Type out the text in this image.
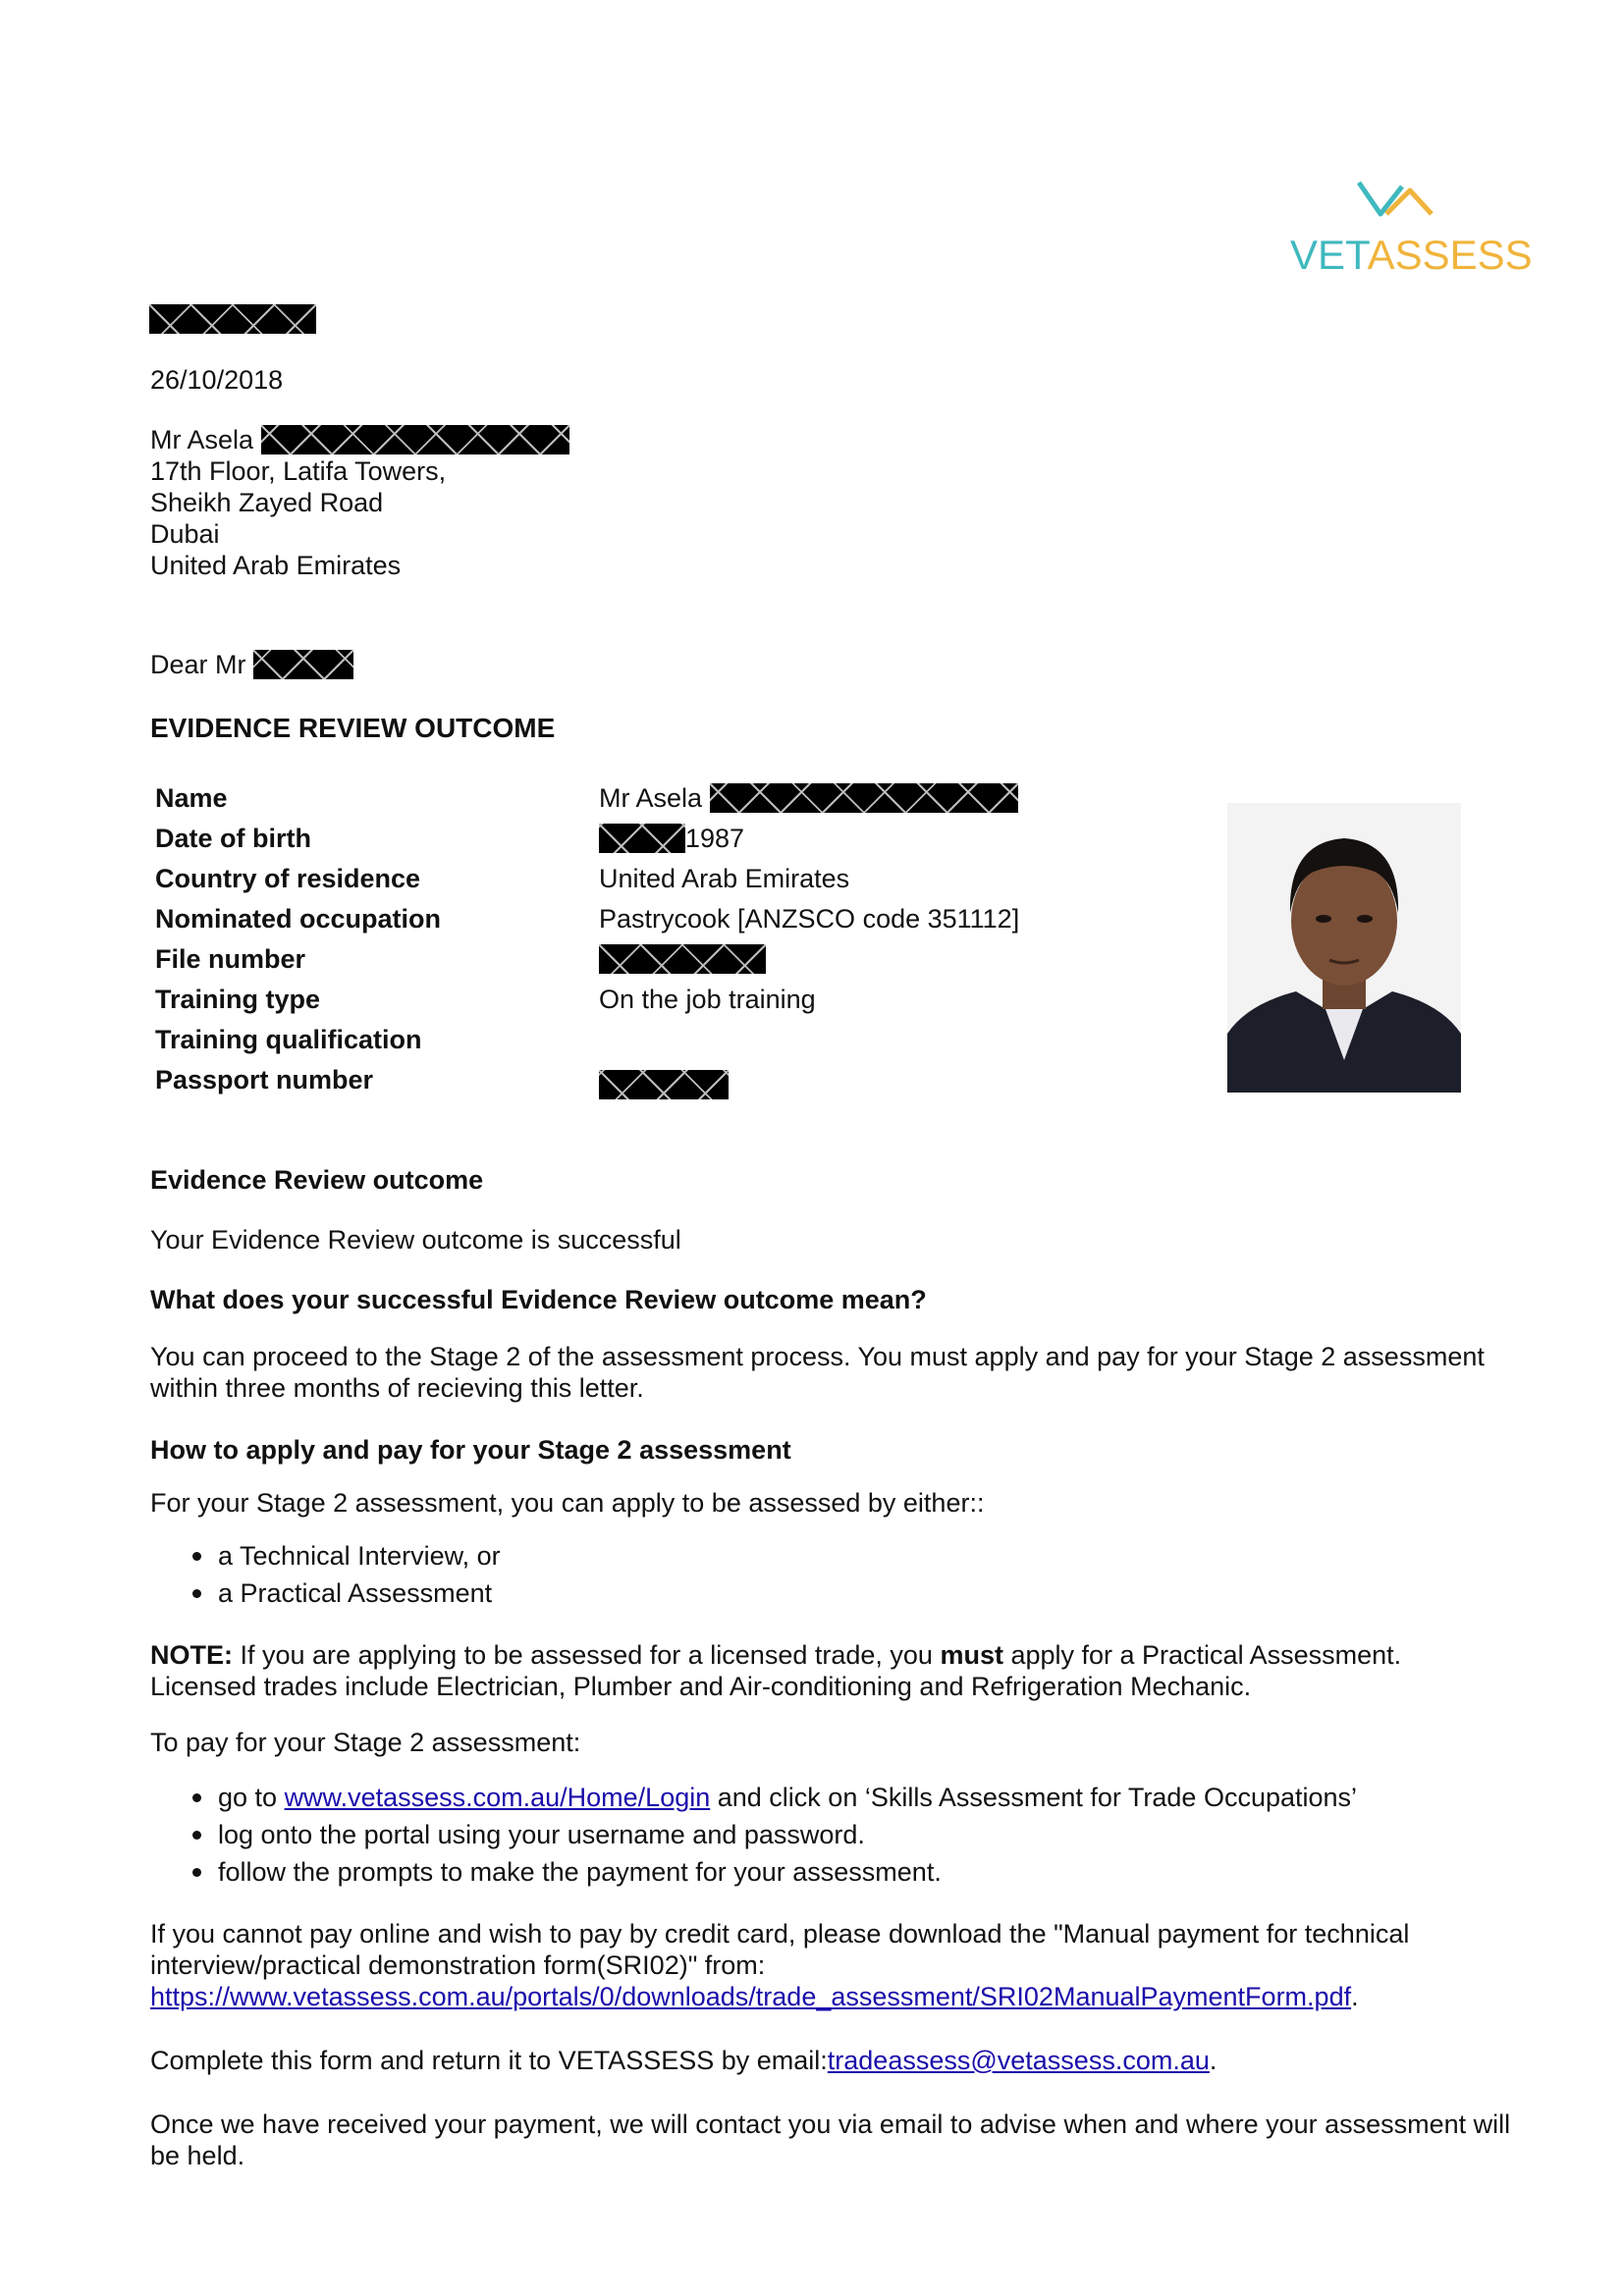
VETASSESS
26/10/2018
Mr Asela
17th Floor, Latifa Towers,
Sheikh Zayed Road
Dubai
United Arab Emirates
Dear Mr
EVIDENCE REVIEW OUTCOME
Name	Mr Asela
Date of birth	1987
Country of residence	United Arab Emirates
Nominated occupation	Pastrycook [ANZSCO code 351112]
File number
Training type	On the job training
Training qualification
Passport number
Evidence Review outcome
Your Evidence Review outcome is successful
What does your successful Evidence Review outcome mean?
You can proceed to the Stage 2 of the assessment process. You must apply and pay for your Stage 2 assessment
within three months of recieving this letter.
How to apply and pay for your Stage 2 assessment
For your Stage 2 assessment, you can apply to be assessed by either::
a Technical Interview, or
a Practical Assessment
NOTE: If you are applying to be assessed for a licensed trade, you must apply for a Practical Assessment.
Licensed trades include Electrician, Plumber and Air-conditioning and Refrigeration Mechanic.
To pay for your Stage 2 assessment:
go to www.vetassess.com.au/Home/Login and click on ‘Skills Assessment for Trade Occupations’
log onto the portal using your username and password.
follow the prompts to make the payment for your assessment.
If you cannot pay online and wish to pay by credit card, please download the "Manual payment for technical
interview/practical demonstration form(SRI02)" from:
https://www.vetassess.com.au/portals/0/downloads/trade_assessment/SRI02ManualPaymentForm.pdf.
Complete this form and return it to VETASSESS by email:tradeassess@vetassess.com.au.
Once we have received your payment, we will contact you via email to advise when and where your assessment will
be held.
